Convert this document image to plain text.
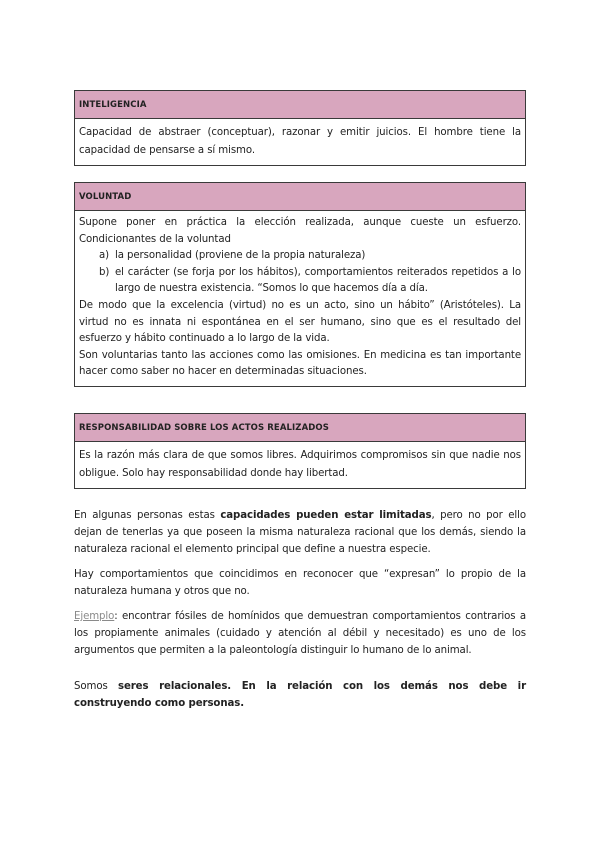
INTELIGENCIA

Capacidad de abstraer (conceptuar), razonar y emitir juicios. El hombre tiene la capacidad de pensarse a sí mismo.

VOLUNTAD

Supone poner en práctica la elección realizada, aunque cueste un esfuerzo. Condicionantes de la voluntad

a) la personalidad (proviene de la propia naturaleza)
b) el carácter (se forja por los hábitos), comportamientos reiterados repetidos a lo largo de nuestra existencia. “Somos lo que hacemos día a día.

De modo que la excelencia (virtud) no es un acto, sino un hábito” (Aristóteles). La virtud no es innata ni espontánea en el ser humano, sino que es el resultado del esfuerzo y hábito continuado a lo largo de la vida.

Son voluntarias tanto las acciones como las omisiones. En medicina es tan importante hacer como saber no hacer en determinadas situaciones.

RESPONSABILIDAD SOBRE LOS ACTOS REALIZADOS

Es la razón más clara de que somos libres. Adquirimos compromisos sin que nadie nos obligue. Solo hay responsabilidad donde hay libertad.

En algunas personas estas capacidades pueden estar limitadas, pero no por ello dejan de tenerlas ya que poseen la misma naturaleza racional que los demás, siendo la naturaleza racional el elemento principal que define a nuestra especie.

Hay comportamientos que coincidimos en reconocer que “expresan” lo propio de la naturaleza humana y otros que no.

Ejemplo: encontrar fósiles de homínidos que demuestran comportamientos contrarios a los propiamente animales (cuidado y atención al débil y necesitado) es uno de los argumentos que permiten a la paleontología distinguir lo humano de lo animal.

Somos seres relacionales. En la relación con los demás nos debe ir construyendo como personas.
